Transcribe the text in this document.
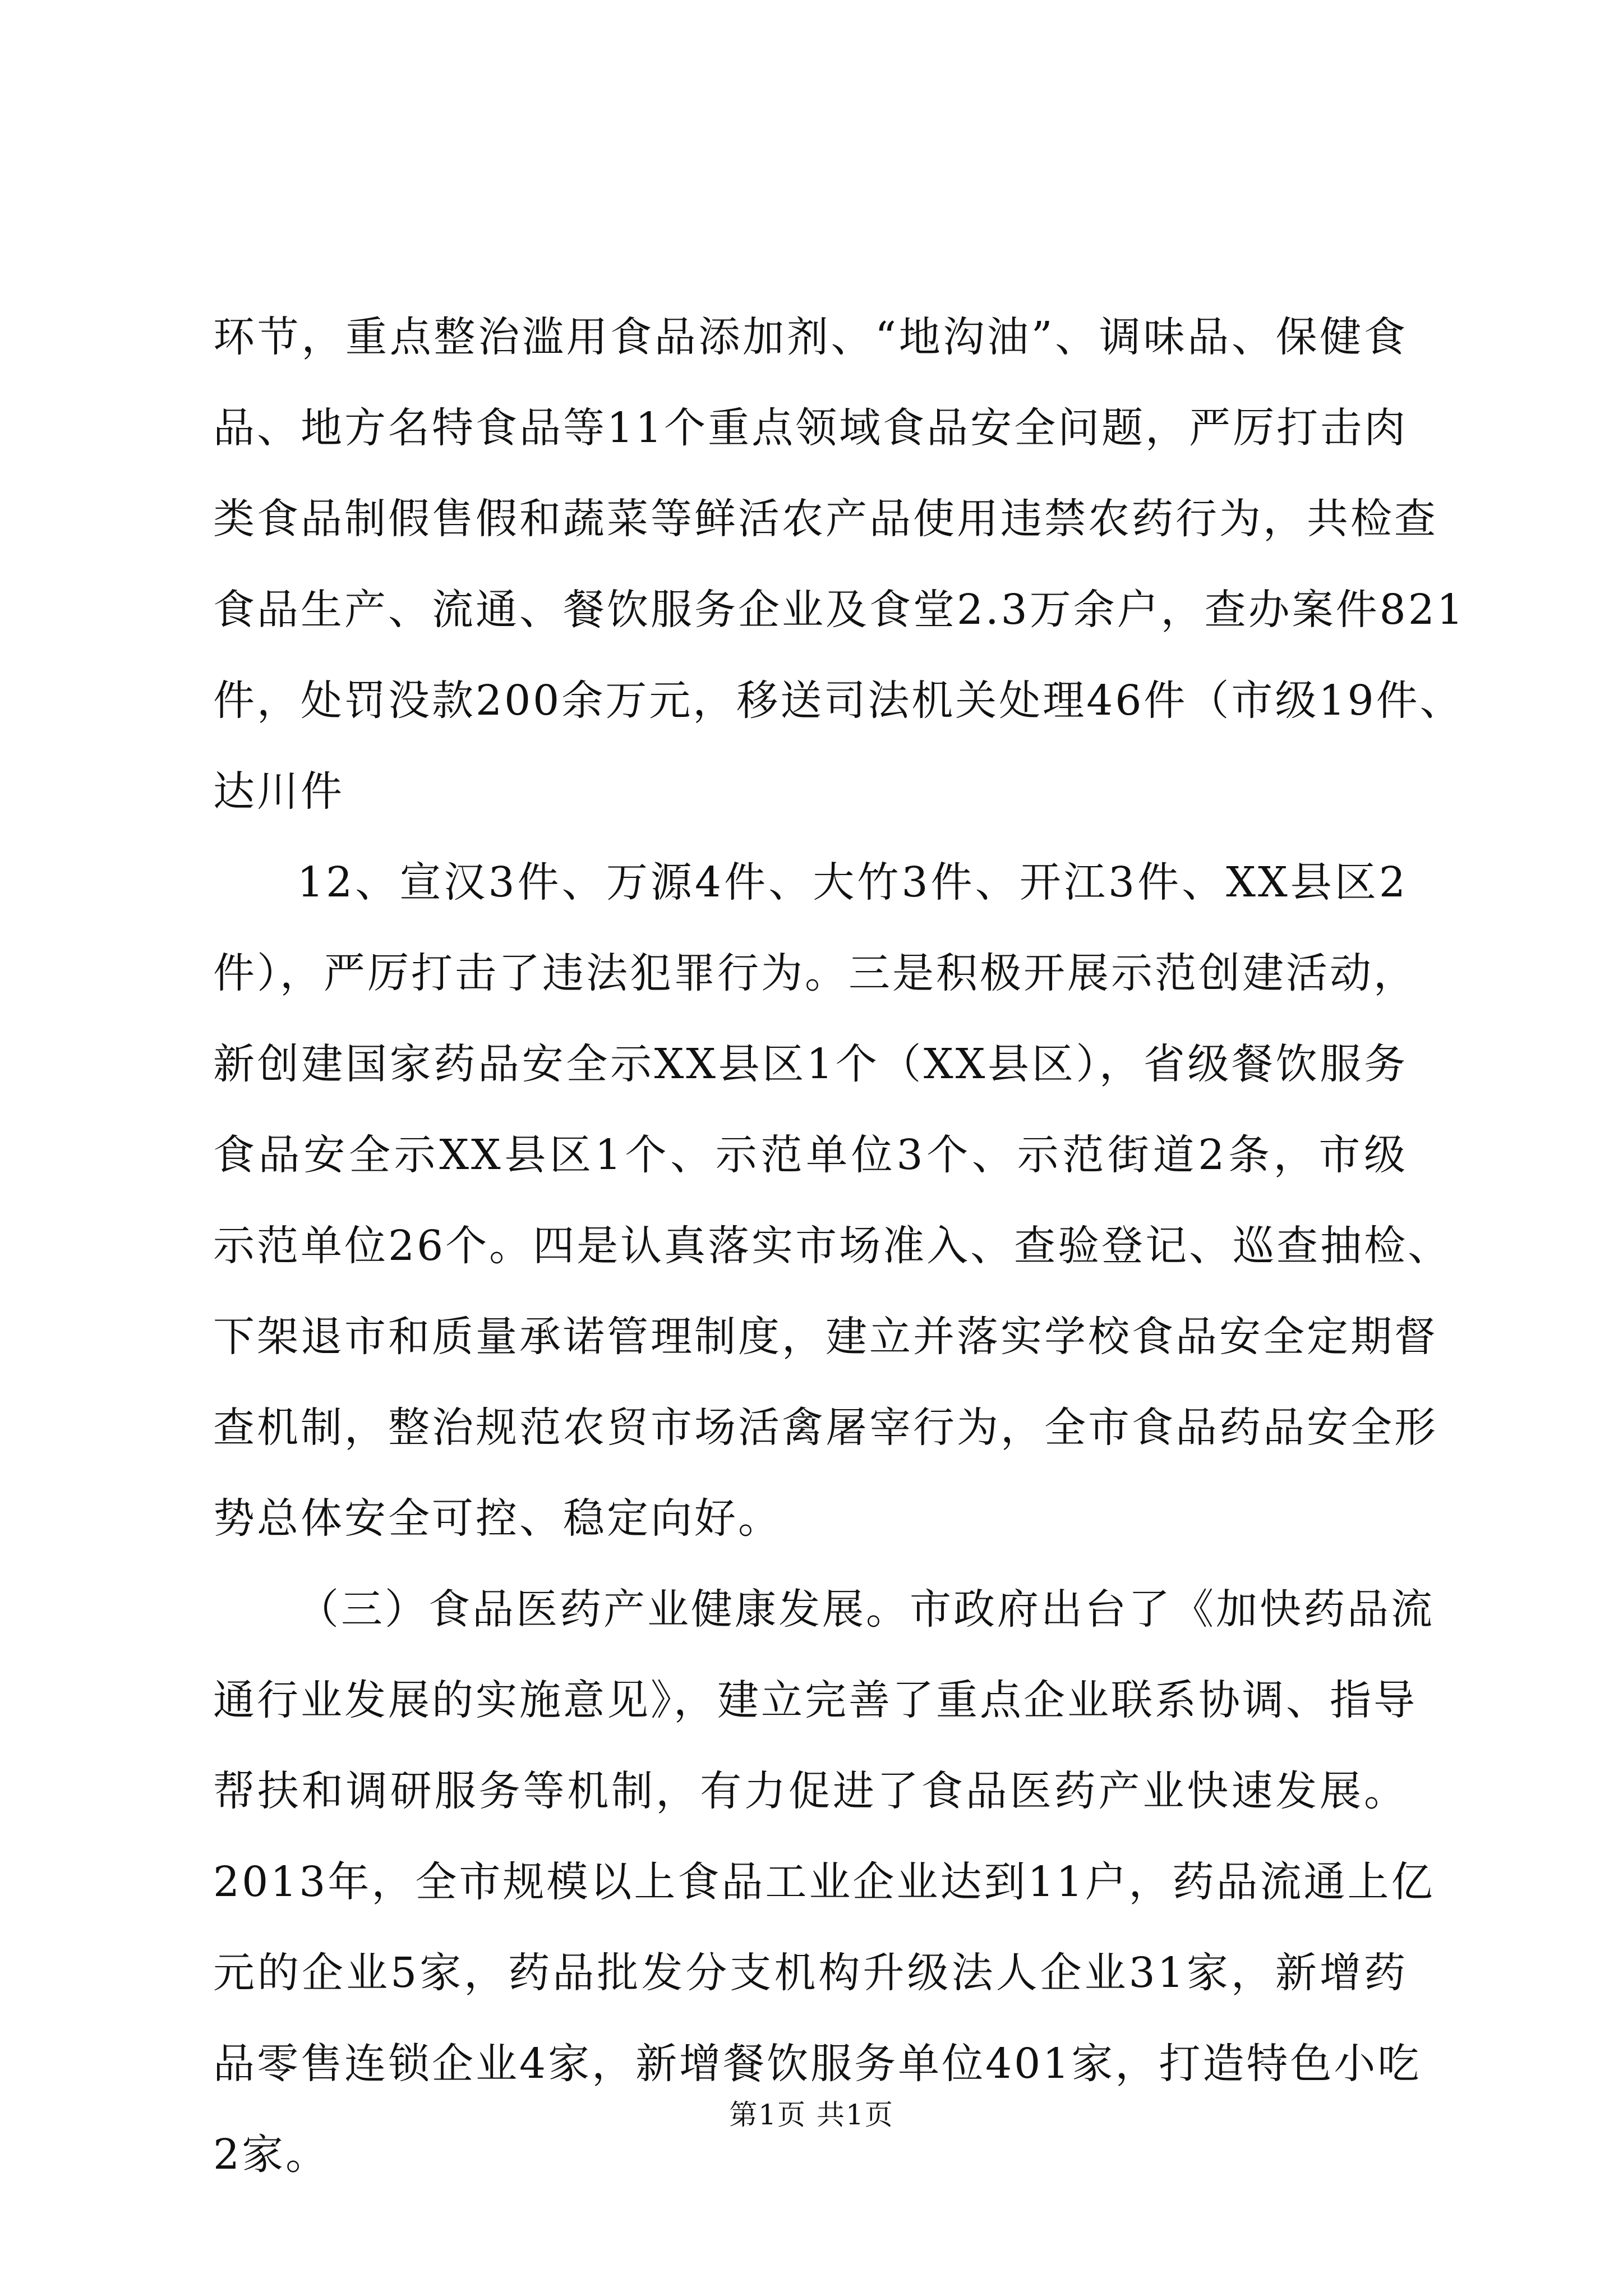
环节，重点整治滥用食品添加剂、“地沟油”、调味品、保健食
品、地方名特食品等11个重点领域食品安全问题，严厉打击肉
类食品制假售假和蔬菜等鲜活农产品使用违禁农药行为，共检查
食品生产、流通、餐饮服务企业及食堂2.3万余户，查办案件821
件，处罚没款200余万元，移送司法机关处理46件（市级19件、
达川件

12、宣汉3件、万源4件、大竹3件、开江3件、XX县区2
件），严厉打击了违法犯罪行为。三是积极开展示范创建活动，
新创建国家药品安全示XX县区1个（XX县区），省级餐饮服务
食品安全示XX县区1个、示范单位3个、示范街道2条，市级
示范单位26个。四是认真落实市场准入、查验登记、巡查抽检、
下架退市和质量承诺管理制度，建立并落实学校食品安全定期督
查机制，整治规范农贸市场活禽屠宰行为，全市食品药品安全形
势总体安全可控、稳定向好。

（三）食品医药产业健康发展。市政府出台了《加快药品流
通行业发展的实施意见》，建立完善了重点企业联系协调、指导
帮扶和调研服务等机制，有力促进了食品医药产业快速发展。
2013年，全市规模以上食品工业企业达到11户，药品流通上亿
元的企业5家，药品批发分支机构升级法人企业31家，新增药
品零售连锁企业4家，新增餐饮服务单位401家，打造特色小吃
2家。

第1页 共1页
